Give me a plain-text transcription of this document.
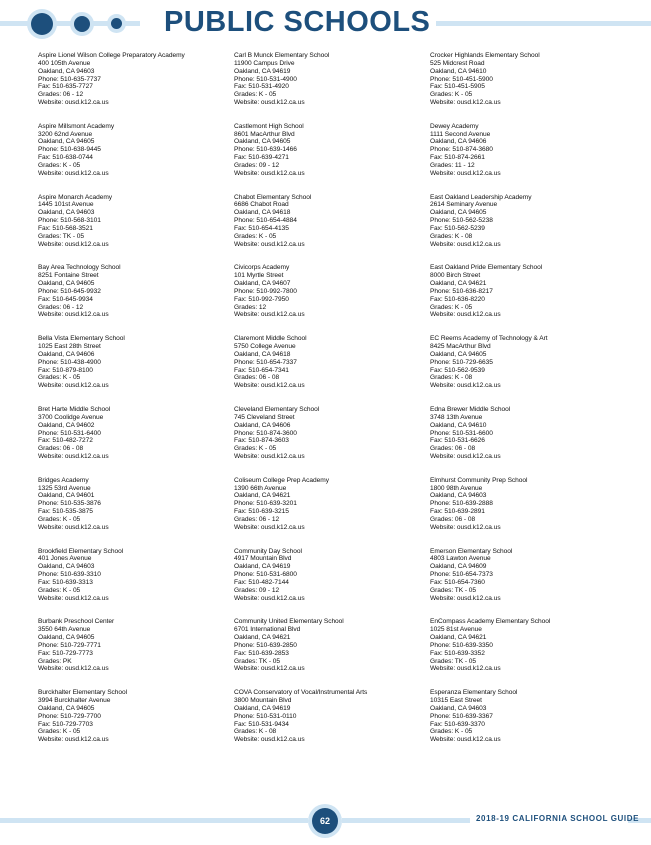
PUBLIC SCHOOLS
Aspire Lionel Wilson College Preparatory Academy
400 105th Avenue
Oakland, CA 94603
Phone: 510-635-7737
Fax: 510-635-7727
Grades: 06 - 12
Website: ousd.k12.ca.us
Aspire Millsmont Academy
3200 62nd Avenue
Oakland, CA 94605
Phone: 510-638-9445
Fax: 510-638-0744
Grades: K - 05
Website: ousd.k12.ca.us
Aspire Monarch Academy
1445 101st Avenue
Oakland, CA 94603
Phone: 510-568-3101
Fax: 510-568-3521
Grades: TK - 05
Website: ousd.k12.ca.us
Bay Area Technology School
8251 Fontaine Street
Oakland, CA 94605
Phone: 510-645-9932
Fax: 510-645-9934
Grades: 06 - 12
Website: ousd.k12.ca.us
Bella Vista Elementary School
1025 East 28th Street
Oakland, CA 94606
Phone: 510-438-4900
Fax: 510-879-8100
Grades: K - 05
Website: ousd.k12.ca.us
Bret Harte Middle School
3700 Coolidge Avenue
Oakland, CA 94602
Phone: 510-531-6400
Fax: 510-482-7272
Grades: 06 - 08
Website: ousd.k12.ca.us
Bridges Academy
1325 53rd Avenue
Oakland, CA 94601
Phone: 510-535-3876
Fax: 510-535-3875
Grades: K - 05
Website: ousd.k12.ca.us
Brookfield Elementary School
401 Jones Avenue
Oakland, CA 94603
Phone: 510-639-3310
Fax: 510-639-3313
Grades: K - 05
Website: ousd.k12.ca.us
Burbank Preschool Center
3550 64th Avenue
Oakland, CA 94605
Phone: 510-729-7771
Fax: 510-729-7773
Grades: PK
Website: ousd.k12.ca.us
Burckhalter Elementary School
3994 Burckhalter Avenue
Oakland, CA 94605
Phone: 510-729-7700
Fax: 510-729-7703
Grades: K - 05
Website: ousd.k12.ca.us
Carl B Munck Elementary School
11900 Campus Drive
Oakland, CA 94619
Phone: 510-531-4900
Fax: 510-531-4920
Grades: K - 05
Website: ousd.k12.ca.us
Castlemont High School
8601 MacArthur Blvd
Oakland, CA 94605
Phone: 510-639-1466
Fax: 510-639-4271
Grades: 09 - 12
Website: ousd.k12.ca.us
Chabot Elementary School
6686 Chabot Road
Oakland, CA 94618
Phone: 510-654-4884
Fax: 510-654-4135
Grades: K - 05
Website: ousd.k12.ca.us
Civicorps Academy
101 Myrtle Street
Oakland, CA 94607
Phone: 510-992-7800
Fax: 510-992-7950
Grades: 12
Website: ousd.k12.ca.us
Claremont Middle School
5750 College Avenue
Oakland, CA 94618
Phone: 510-654-7337
Fax: 510-654-7341
Grades: 06 - 08
Website: ousd.k12.ca.us
Cleveland Elementary School
745 Cleveland Street
Oakland, CA 94606
Phone: 510-874-3600
Fax: 510-874-3603
Grades: K - 05
Website: ousd.k12.ca.us
Coliseum College Prep Academy
1390 66th Avenue
Oakland, CA 94621
Phone: 510-639-3201
Fax: 510-639-3215
Grades: 06 - 12
Website: ousd.k12.ca.us
Community Day School
4917 Mountain Blvd
Oakland, CA 94619
Phone: 510-531-6800
Fax: 510-482-7144
Grades: 09 - 12
Website: ousd.k12.ca.us
Community United Elementary School
6701 International Blvd
Oakland, CA 94621
Phone: 510-639-2850
Fax: 510-639-2853
Grades: TK - 05
Website: ousd.k12.ca.us
COVA Conservatory of Vocal/Instrumental Arts
3800 Mountain Blvd
Oakland, CA 94619
Phone: 510-531-0110
Fax: 510-531-9434
Grades: K - 08
Website: ousd.k12.ca.us
Crocker Highlands Elementary School
525 Midcrest Road
Oakland, CA 94610
Phone: 510-451-5900
Fax: 510-451-5905
Grades: K - 05
Website: ousd.k12.ca.us
Dewey Academy
1111 Second Avenue
Oakland, CA 94606
Phone: 510-874-3680
Fax: 510-874-2661
Grades: 11 - 12
Website: ousd.k12.ca.us
East Oakland Leadership Academy
2614 Seminary Avenue
Oakland, CA 94605
Phone: 510-562-5238
Fax: 510-562-5239
Grades: K - 08
Website: ousd.k12.ca.us
East Oakland Pride Elementary School
8000 Birch Street
Oakland, CA 94621
Phone: 510-636-8217
Fax: 510-636-8220
Grades: K - 05
Website: ousd.k12.ca.us
EC Reems Academy of Technology & Art
8425 MacArthur Blvd
Oakland, CA 94605
Phone: 510-729-6635
Fax: 510-562-9539
Grades: K - 08
Website: ousd.k12.ca.us
Edna Brewer Middle School
3748 13th Avenue
Oakland, CA 94610
Phone: 510-531-6600
Fax: 510-531-6626
Grades: 06 - 08
Website: ousd.k12.ca.us
Elmhurst Community Prep School
1800 98th Avenue
Oakland, CA 94603
Phone: 510-639-2888
Fax: 510-639-2891
Grades: 06 - 08
Website: ousd.k12.ca.us
Emerson Elementary School
4803 Lawton Avenue
Oakland, CA 94609
Phone: 510-654-7373
Fax: 510-654-7360
Grades: TK - 05
Website: ousd.k12.ca.us
EnCompass Academy Elementary School
1025 81st Avenue
Oakland, CA 94621
Phone: 510-639-3350
Fax: 510-639-3352
Grades: TK - 05
Website: ousd.k12.ca.us
Esperanza Elementary School
10315 East Street
Oakland, CA 94603
Phone: 510-639-3367
Fax: 510-639-3370
Grades: K - 05
Website: ousd.k12.ca.us
62	2018-19 CALIFORNIA SCHOOL GUIDE
